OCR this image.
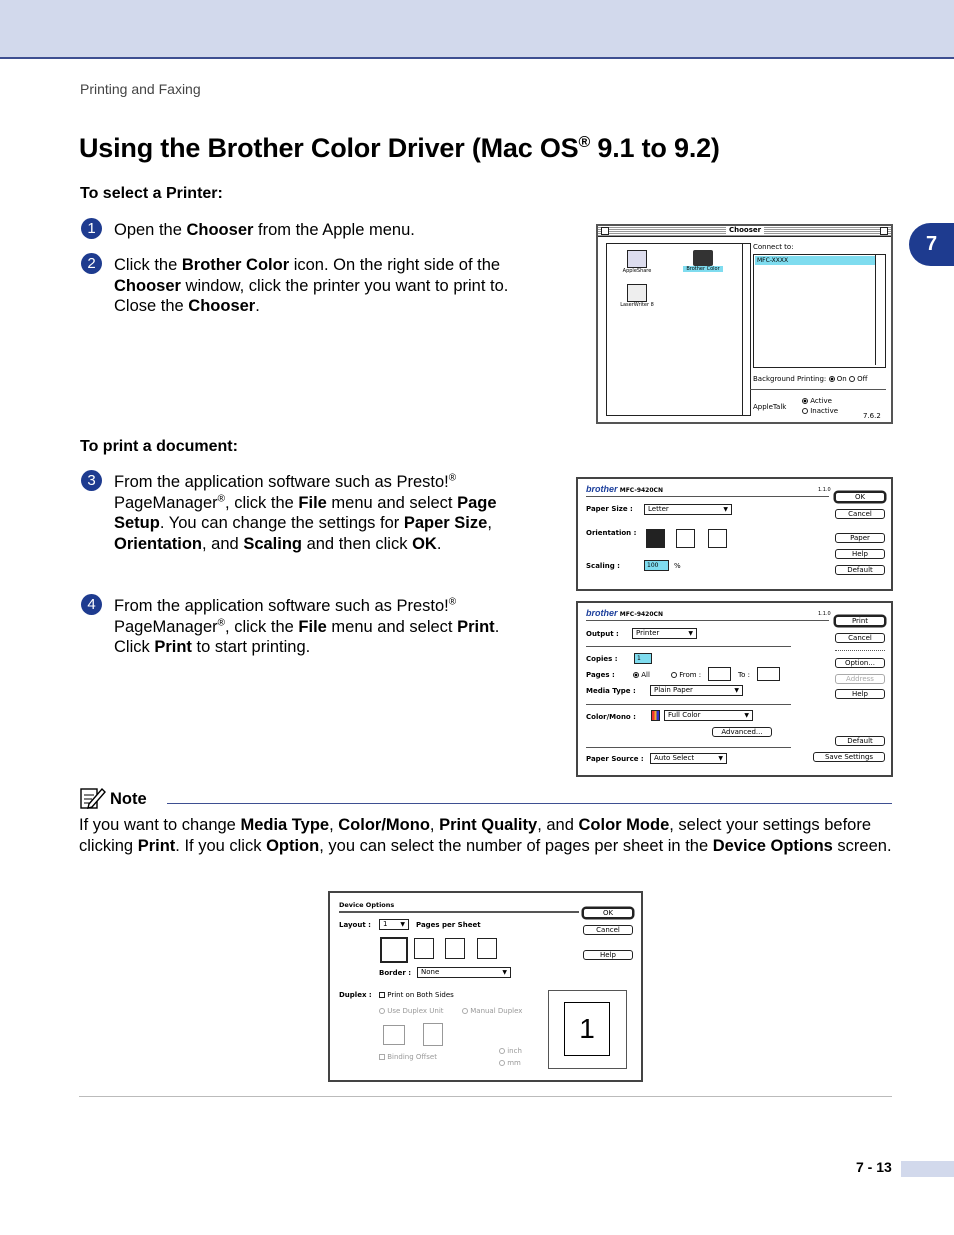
Printing and Faxing
7
Using the Brother Color Driver (Mac OS® 9.1 to 9.2)
To select a Printer:
1	Open the Chooser from the Apple menu.
2	Click the Brother Color icon. On the right side of the Chooser window, click the printer you want to print to. Close the Chooser.
Chooser
AppleShare	Brother Color
LaserWriter 8
Connect to:
MFC-XXXX
Background Printing: On Off
AppleTalk
Active
Inactive
7.6.2
To print a document:
3	From the application software such as Presto!® PageManager®, click the File menu and select Page Setup. You can change the settings for Paper Size, Orientation, and Scaling and then click OK.
4	From the application software such as Presto!® PageManager®, click the File menu and select Print. Click Print to start printing.
brother MFC-9420CN	1.1.0
Paper Size :	Letter ▼
Orientation :
Scaling :	100	%
OK
Cancel
Paper
Help
Default
brother MFC-9420CN	1.1.0
Output :	Printer ▼
Copies :	1
Pages :	All	From :	To :
Media Type :	Plain Paper ▼
Color/Mono :	Full Color ▼
Advanced...
Paper Source :	Auto Select ▼
Print
Cancel
Option...
Address
Help
Default
Save Settings
Note
If you want to change Media Type, Color/Mono, Print Quality, and Color Mode, select your settings before clicking Print. If you click Option, you can select the number of pages per sheet in the Device Options screen.
Device Options
Layout :	1 ▼	Pages per Sheet
Border :	None ▼
Duplex :	Print on Both Sides
Use Duplex Unit	Manual Duplex
Binding Offset
inch
mm
1
OK
Cancel
Help
7 - 13
